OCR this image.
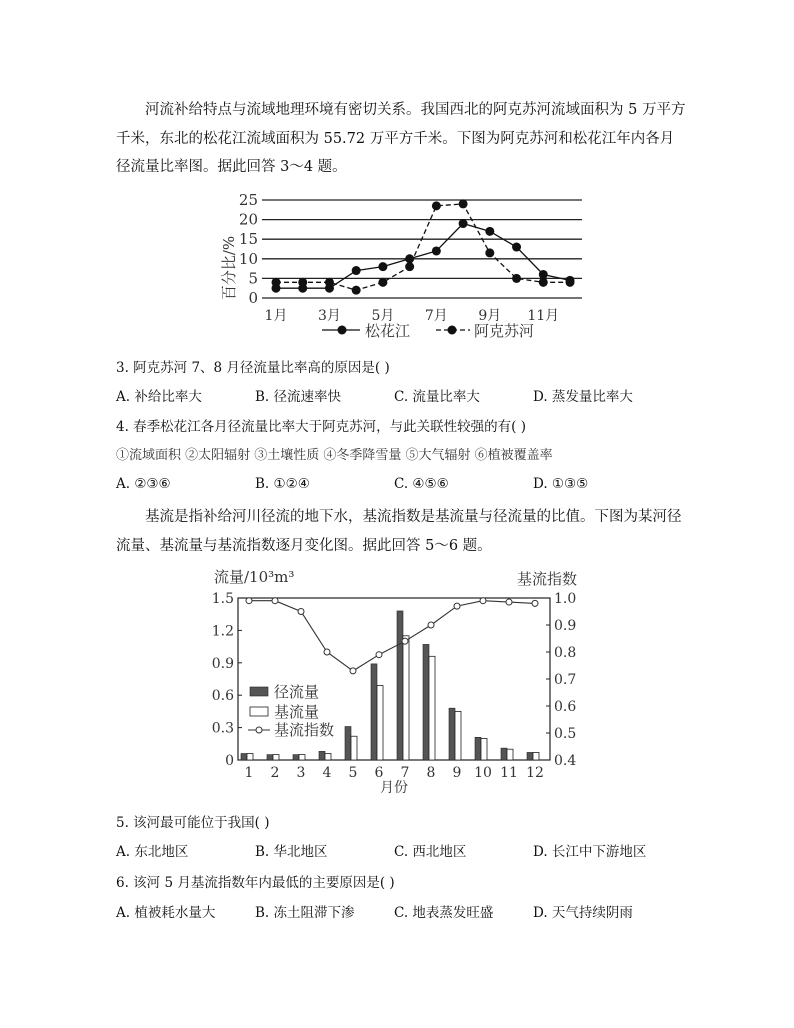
河流补给特点与流域地理环境有密切关系。我国西北的阿克苏河流域面积为 5 万平方千米，东北的松花江流域面积为 55.72 万平方千米。下图为阿克苏河和松花江年内各月径流量比率图。据此回答 3～4 题。

25
20
15
10
5
0
1月 3月 5月 7月 9月 11月
百分比/%
松花江	阿克苏河
3. 阿克苏河 7、8 月径流量比率高的原因是( )
A. 补给比率大	B. 径流速率快	C. 流量比率大	D. 蒸发量比率大
4. 春季松花江各月径流量比率大于阿克苏河，与此关联性较强的有( )
①流域面积 ②太阳辐射 ③土壤性质 ④冬季降雪量 ⑤大气辐射 ⑥植被覆盖率
A. ②③⑥	B. ①②④	C. ④⑤⑥	D. ①③⑤

基流是指补给河川径流的地下水，基流指数是基流量与径流量的比值。下图为某河径流量、基流量与基流指数逐月变化图。据此回答 5～6 题。

流量/10³m³	基流指数
1.5
1.2
0.9
0.6
0.3
0
1.0
0.9
0.8
0.7
0.6
0.5
0.4
1 2 3 4 5 6 7 8 9 10 11 12
月份
径流量
基流量
基流指数
5. 该河最可能位于我国( )
A. 东北地区	B. 华北地区	C. 西北地区	D. 长江中下游地区
6. 该河 5 月基流指数年内最低的主要原因是( )
A. 植被耗水量大	B. 冻土阻滞下渗	C. 地表蒸发旺盛	D. 天气持续阴雨
